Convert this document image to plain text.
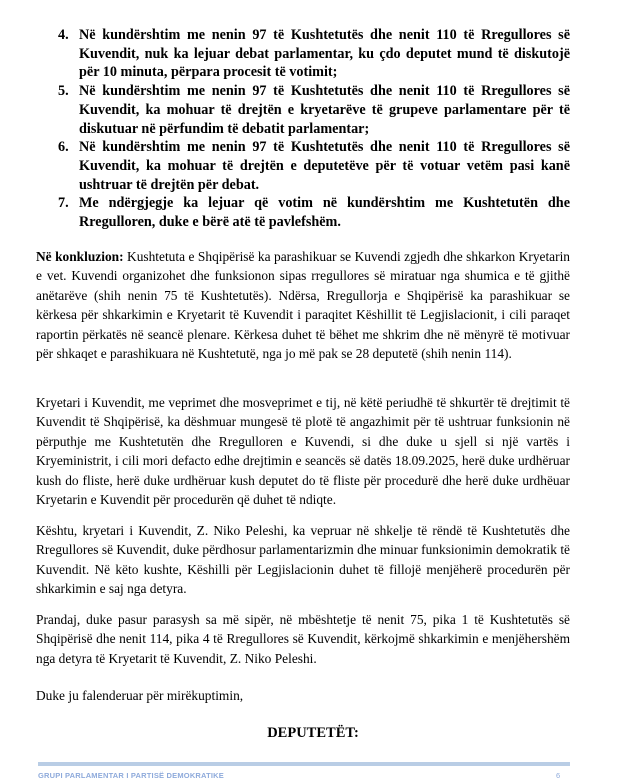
4. Në kundërshtim me nenin 97 të Kushtetutës dhe nenit 110 të Rregullores së Kuvendit, nuk ka lejuar debat parlamentar, ku çdo deputet mund të diskutojë për 10 minuta, përpara procesit të votimit;
5. Në kundërshtim me nenin 97 të Kushtetutës dhe nenit 110 të Rregullores së Kuvendit, ka mohuar të drejtën e kryetarëve të grupeve parlamentare për të diskutuar në përfundim të debatit parlamentar;
6. Në kundërshtim me nenin 97 të Kushtetutës dhe nenit 110 të Rregullores së Kuvendit, ka mohuar të drejtën e deputetëve për të votuar vetëm pasi kanë ushtruar të drejtën për debat.
7. Me ndërgjegje ka lejuar që votim në kundërshtim me Kushtetutën dhe Rregulloren, duke e bërë atë të pavlefshëm.

Në konkluzion: Kushtetuta e Shqipërisë ka parashikuar se Kuvendi zgjedh dhe shkarkon Kryetarin e vet. Kuvendi organizohet dhe funksionon sipas rregullores së miratuar nga shumica e të gjithë anëtarëve (shih nenin 75 të Kushtetutës). Ndërsa, Rregullorja e Shqipërisë ka parashikuar se kërkesa për shkarkimin e Kryetarit të Kuvendit i paraqitet Këshillit të Legjislacionit, i cili paraqet raportin përkatës në seancë plenare. Kërkesa duhet të bëhet me shkrim dhe në mënyrë të motivuar për shkaqet e parashikuara në Kushtetutë, nga jo më pak se 28 deputetë (shih nenin 114).

Kryetari i Kuvendit, me veprimet dhe mosveprimet e tij, në këtë periudhë të shkurtër të drejtimit të Kuvendit të Shqipërisë, ka dëshmuar mungesë të plotë të angazhimit për të ushtruar funksionin në përputhje me Kushtetutën dhe Rregulloren e Kuvendi, si dhe duke u sjell si një vartës i Kryeministrit, i cili mori defacto edhe drejtimin e seancës së datës 18.09.2025, herë duke urdhëruar kush do fliste, herë duke urdhëruar kush deputet do të fliste për procedurë dhe herë duke urdhëuar Kryetarin e Kuvendit për procedurën që duhet të ndiqte.

Kështu, kryetari i Kuvendit, Z. Niko Peleshi, ka vepruar në shkelje të rëndë të Kushtetutës dhe Rregullores së Kuvendit, duke përdhosur parlamentarizmin dhe minuar funksionimin demokratik të Kuvendit. Në këto kushte, Këshilli për Legjislacionin duhet të fillojë menjëherë procedurën për shkarkimin e saj nga detyra.

Prandaj, duke pasur parasysh sa më sipër, në mbështetje të nenit 75, pika 1 të Kushtetutës së Shqipërisë dhe nenit 114, pika 4 të Rregullores së Kuvendit, kërkojmë shkarkimin e menjëhershëm nga detyra të Kryetarit të Kuvendit, Z. Niko Peleshi.

Duke ju falenderuar për mirëkuptimin,

DEPUTETËT:
GRUPI PARLAMENTAR I PARTISË DEMOKRATIKE	6
